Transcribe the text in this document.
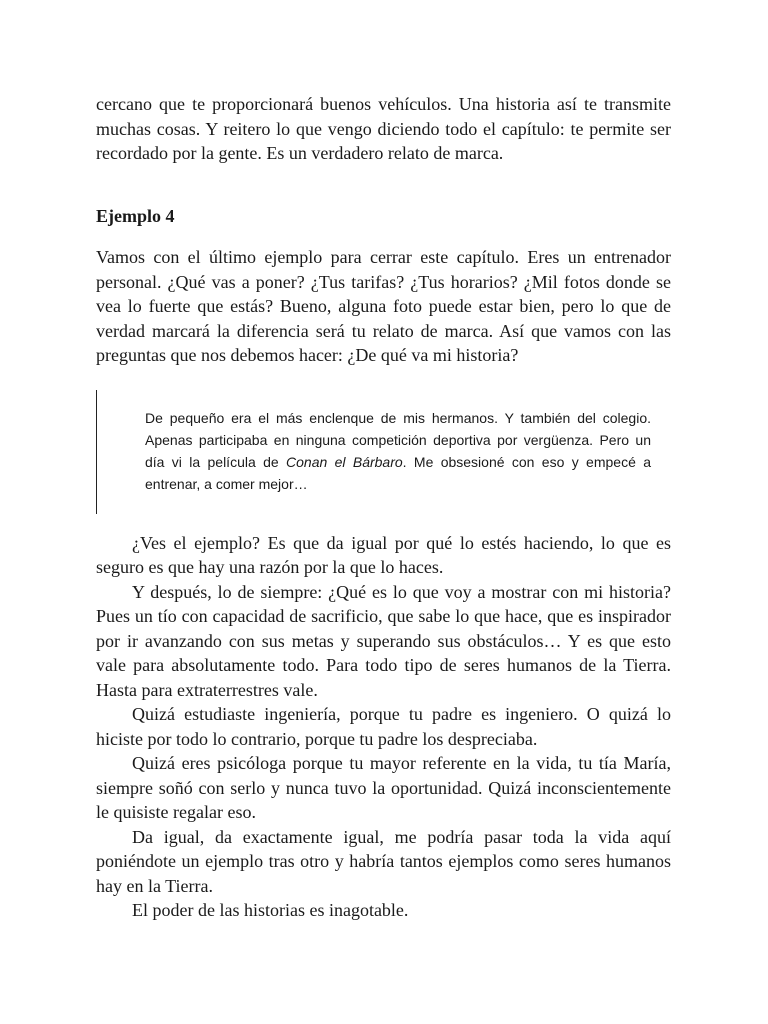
cercano que te proporcionará buenos vehículos. Una historia así te transmite muchas cosas. Y reitero lo que vengo diciendo todo el capítulo: te permite ser recordado por la gente. Es un verdadero relato de marca.

Ejemplo 4

Vamos con el último ejemplo para cerrar este capítulo. Eres un entrenador personal. ¿Qué vas a poner? ¿Tus tarifas? ¿Tus horarios? ¿Mil fotos donde se vea lo fuerte que estás? Bueno, alguna foto puede estar bien, pero lo que de verdad marcará la diferencia será tu relato de marca. Así que vamos con las preguntas que nos debemos hacer: ¿De qué va mi historia?

De pequeño era el más enclenque de mis hermanos. Y también del colegio. Apenas participaba en ninguna competición deportiva por vergüenza. Pero un día vi la película de Conan el Bárbaro. Me obsesioné con eso y empecé a entrenar, a comer mejor…

¿Ves el ejemplo? Es que da igual por qué lo estés haciendo, lo que es seguro es que hay una razón por la que lo haces.

Y después, lo de siempre: ¿Qué es lo que voy a mostrar con mi historia? Pues un tío con capacidad de sacrificio, que sabe lo que hace, que es inspirador por ir avanzando con sus metas y superando sus obstáculos… Y es que esto vale para absolutamente todo. Para todo tipo de seres humanos de la Tierra. Hasta para extraterrestres vale.

Quizá estudiaste ingeniería, porque tu padre es ingeniero. O quizá lo hiciste por todo lo contrario, porque tu padre los despreciaba.

Quizá eres psicóloga porque tu mayor referente en la vida, tu tía María, siempre soñó con serlo y nunca tuvo la oportunidad. Quizá inconscientemente le quisiste regalar eso.

Da igual, da exactamente igual, me podría pasar toda la vida aquí poniéndote un ejemplo tras otro y habría tantos ejemplos como seres humanos hay en la Tierra.

El poder de las historias es inagotable.
